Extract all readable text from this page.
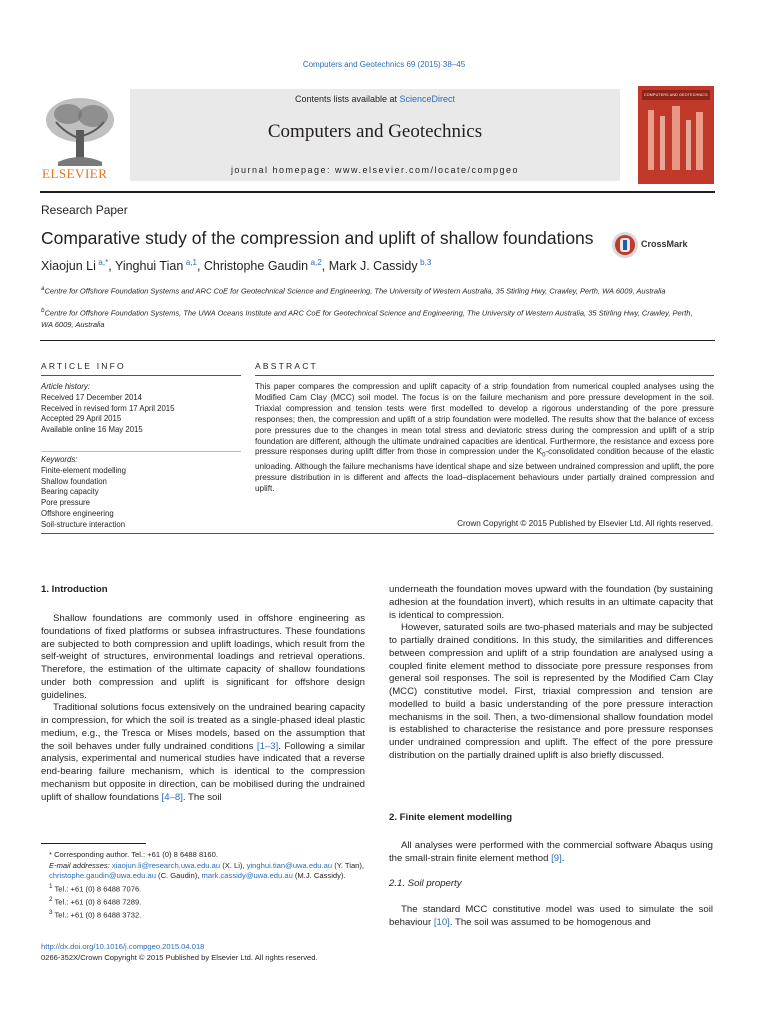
Computers and Geotechnics 69 (2015) 38–45
ELSEVIER
Contents lists available at ScienceDirect
Computers and Geotechnics
journal homepage: www.elsevier.com/locate/compgeo
COMPUTERS AND GEOTECHNICS
Research Paper
Comparative study of the compression and uplift of shallow foundations	CrossMark
Xiaojun Li  $^{a,*}$, Yinghui Tian  $^{a,1}$, Christophe Gaudin  $^{a,2}$, Mark J. Cassidy  $^{b,3}$
$^a$Centre for Offshore Foundation Systems and ARC CoE for Geotechnical Science and Engineering, The University of Western Australia, 35 Stirling Hwy, Crawley, Perth, WA 6009, Australia
$^b$Centre for Offshore Foundation Systems, The UWA Oceans Institute and ARC CoE for Geotechnical Science and Engineering, The University of Western Australia, 35 Stirling Hwy, Crawley, Perth, WA 6009, Australia
ARTICLE INFO	ABSTRACT
Article history:
Received 17 December 2014
Received in revised form 17 April 2015
Accepted 29 April 2015
Available online 16 May 2015
Keywords:
Finite-element modelling
Shallow foundation
Bearing capacity
Pore pressure
Offshore engineering
Soil-structure interaction
This paper compares the compression and uplift capacity of a strip foundation from numerical coupled analyses using the Modified Cam Clay (MCC) soil model. The focus is on the failure mechanism and pore pressure development in the soil. Triaxial compression and tension tests were first modelled to develop a rigorous understanding of the pore pressure responses; then, the compression and uplift of a strip foundation were modelled. The results show that the balance of excess pore pressures due to the changes in mean total stress and deviatoric stress during the compression and uplift of a strip foundation are different, although the ultimate undrained capacities are identical. Furthermore, the resistance and excess pore pressure responses during uplift differ from those in compression under the $K_0$-consolidated condition because of the elastic unloading. Although the failure mechanisms have identical shape and size between undrained compression and uplift, the pore pressure distribution in is different and affects the load–displacement behaviours under partially drained compression and uplift.
Crown Copyright © 2015 Published by Elsevier Ltd. All rights reserved.
1. Introduction

Shallow foundations are commonly used in offshore engineering as foundations of fixed platforms or subsea infrastructures. These foundations are subjected to both compression and uplift loadings, which result from the self-weight of structures, environmental loadings and retrieval operations. Therefore, the estimation of the ultimate capacity of shallow foundations under both compression and uplift is significant for offshore design guidelines.

Traditional solutions focus extensively on the undrained bearing capacity in compression, for which the soil is treated as a single-phased ideal plastic medium, e.g., the Tresca or Mises models, based on the assumption that the soil behaves under fully undrained conditions [1–3]. Following a similar analysis, experimental and numerical studies have indicated that a reverse end-bearing failure mechanism, which is identical to the compression mechanism but opposite in direction, can be mobilised during the undrained uplift of shallow foundations [4–8]. The soil

underneath the foundation moves upward with the foundation (by sustaining adhesion at the foundation invert), which results in an ultimate capacity that is identical to compression.

However, saturated soils are two-phased materials and may be subjected to partially drained conditions. In this study, the similarities and differences between compression and uplift of a strip foundation are analysed using a coupled finite element method to dissociate pore pressure responses from general soil responses. The soil is represented by the Modified Cam Clay (MCC) constitutive model. First, triaxial compression and tension are modelled to build a basic understanding of the pore pressure interaction mechanisms in the soil. Then, a two-dimensional shallow foundation model is established to characterise the resistance and pore pressure responses under undrained compression and uplift. The effect of the pore pressure distribution on the partially drained uplift is also briefly discussed.

2. Finite element modelling

All analyses were performed with the commercial software Abaqus using the small-strain finite element method [9].

2.1. Soil property

The standard MCC constitutive model was used to simulate the soil behaviour [10]. The soil was assumed to be homogenous and

* Corresponding author. Tel.: +61 (0) 8 6488 8160.
E-mail addresses: xiaojun.li@research.uwa.edu.au (X. Li), yinghui.tian@uwa.edu.au (Y. Tian), christophe.gaudin@uwa.edu.au (C. Gaudin), mark.cassidy@uwa.edu.au (M.J. Cassidy).
$^1$ Tel.: +61 (0) 8 6488 7076.
$^2$ Tel.: +61 (0) 8 6488 7289.
$^3$ Tel.: +61 (0) 8 6488 3732.
http://dx.doi.org/10.1016/j.compgeo.2015.04.018
0266-352X/Crown Copyright © 2015 Published by Elsevier Ltd. All rights reserved.
